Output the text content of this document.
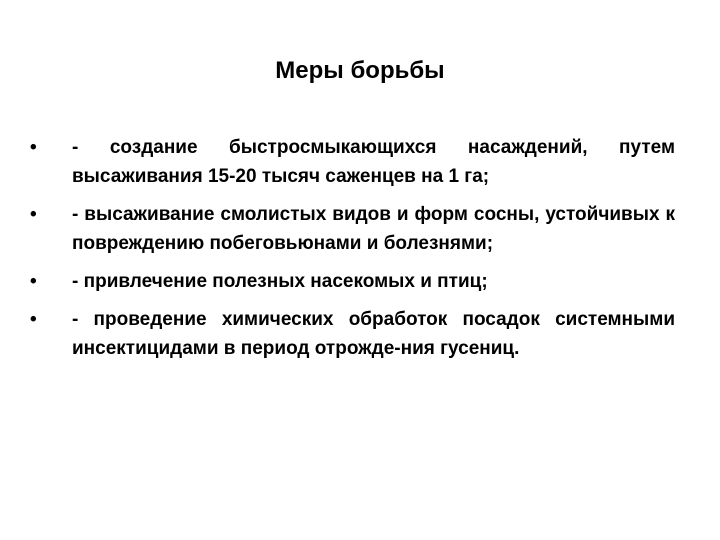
Меры борьбы
•	- создание быстросмыкающихся насаждений, путем высаживания 15-20 тысяч саженцев на 1 га;
•	- высаживание смолистых видов и форм сосны, устойчивых к повреждению побеговьюнами и болезнями;
•	- привлечение полезных насекомых и птиц;
•	- проведение химических обработок посадок системными инсектицидами в период отрожде-ния гусениц.
